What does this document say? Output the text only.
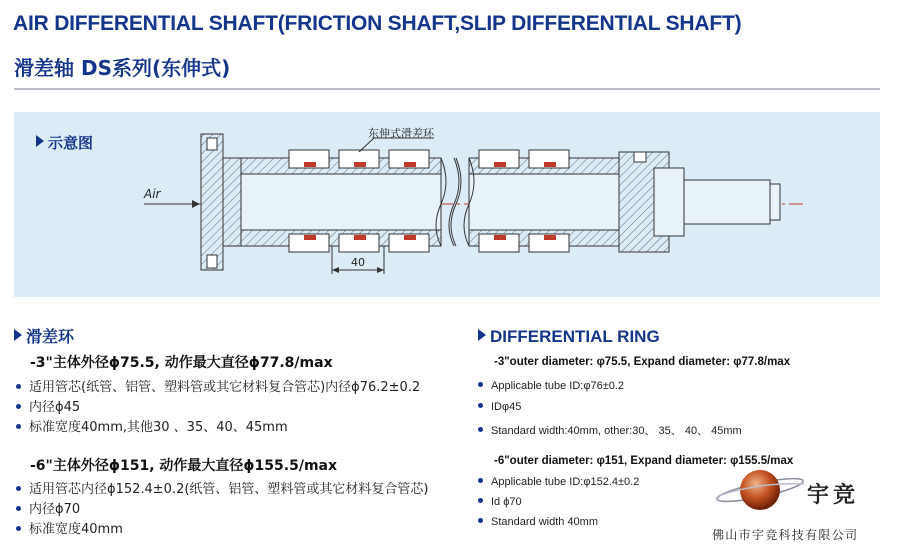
AIR DIFFERENTIAL SHAFT(FRICTION SHAFT,SLIP DIFFERENTIAL SHAFT)
滑差轴 DS系列(东伸式)
示意图
Air
东伸式滑差环
40
滑差环
-3"主体外径ϕ75.5, 动作最大直径ϕ77.8/max
适用管芯(纸管、铝管、塑料管或其它材料复合管芯)内径ϕ76.2±0.2
内径ϕ45
标准宽度40mm,其他30 、35、40、45mm
-6"主体外径ϕ151, 动作最大直径ϕ155.5/max
适用管芯内径ϕ152.4±0.2(纸管、铝管、塑料管或其它材料复合管芯)
内径ϕ70
标准宽度40mm
DIFFERENTIAL RING
-3"outer diameter: φ75.5, Expand diameter: φ77.8/max
Applicable tube ID:φ76±0.2
IDφ45
Standard width:40mm, other:30、 35、 40、 45mm
-6"outer diameter: φ151, Expand diameter: φ155.5/max
Applicable tube ID:φ152.4±0.2
Id ϕ70
Standard width 40mm
宇竞
佛山市宇竞科技有限公司
